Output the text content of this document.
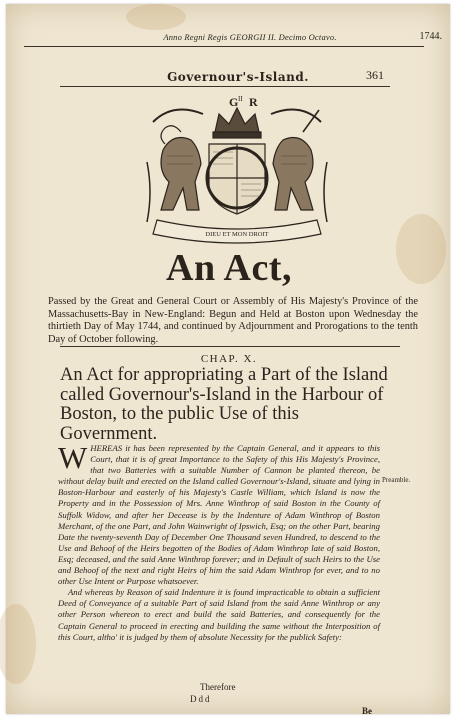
Anno Regni Regis GEORGII II. Decimo Octavo.	1744.
Governour's-Island.	361
G II R
DIEU ET MON DROIT
An Act,
Passed by the Great and General Court or Assembly of His Majesty's Province of the Massachusetts-Bay in New-England: Begun and Held at Boston upon Wednesday the thirtieth Day of May 1744, and continued by Adjournment and Prorogations to the tenth Day of October following.
CHAP. X.
An Act for appropriating a Part of the Island called Governour's-Island in the Harbour of Boston, to the public Use of this Government.

WHEREAS it has been represented by the Captain General, and it appears to this Court, that it is of great Importance to the Safety of this His Majesty's Province, that two Batteries with a suitable Number of Cannon be planted thereon, be without delay built and erected on the Island called Governour's-Island, situate and lying in Boston-Harbour and easterly of his Majesty's Castle William, which Island is now the Property and in the Possession of Mrs. Anne Winthrop of said Boston in the County of Suffolk Widow, and after her Decease is by the Indenture of Adam Winthrop of Boston Merchant, of the one Part, and John Wainwright of Ipswich, Esq; on the other Part, bearing Date the twenty-seventh Day of December One Thousand seven Hundred, to descend to the Use and Behoof of the Heirs begotten of the Bodies of Adam Winthrop late of said Boston, Esq; deceased, and the said Anne Winthrop forever; and in Default of such Heirs to the Use and Behoof of the next and right Heirs of him the said Adam Winthrop for ever, and to no other Use Intent or Purpose whatsoever.

And whereas by Reason of said Indenture it is found impracticable to obtain a sufficient Deed of Conveyance of a suitable Part of said Island from the said Anne Winthrop or any other Person whereon to erect and build the said Batteries, and consequently for the Captain General to proceed in erecting and building the same without the Interposition of this Court, altho' it is judged by them of absolute Necessity for the publick Safety:

Preamble.
Therefore
Ddd
Be
